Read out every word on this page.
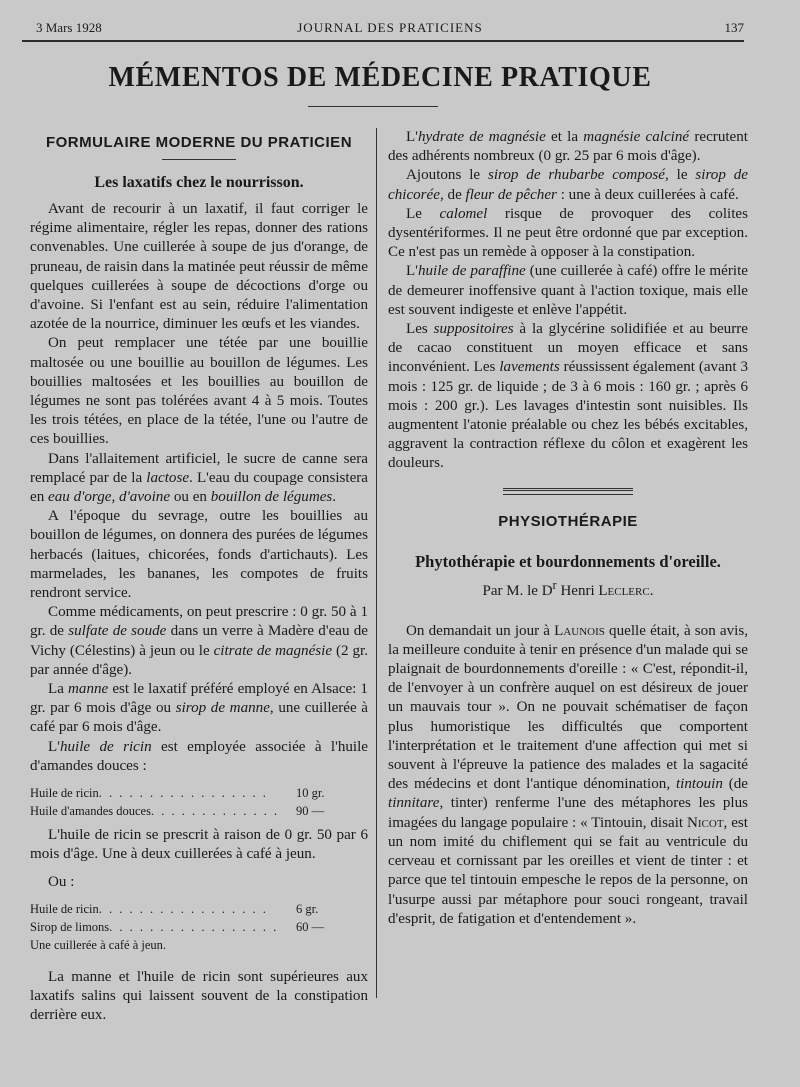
3 Mars 1928	JOURNAL DES PRATICIENS	137
MÉMENTOS DE MÉDECINE PRATIQUE
FORMULAIRE MODERNE DU PRATICIEN
Les laxatifs chez le nourrisson.

Avant de recourir à un laxatif, il faut corriger le régime alimentaire, régler les repas, donner des rations convenables. Une cuillerée à soupe de jus d'orange, de pruneau, de raisin dans la matinée peut réussir de même quelques cuillerées à soupe de décoctions d'orge ou d'avoine. Si l'enfant est au sein, réduire l'alimentation azotée de la nourrice, diminuer les œufs et les viandes.

On peut remplacer une tétée par une bouillie maltosée ou une bouillie au bouillon de légumes. Les bouillies maltosées et les bouillies au bouillon de légumes ne sont pas tolérées avant 4 à 5 mois. Toutes les trois tétées, en place de la tétée, l'une ou l'autre de ces bouillies.

Dans l'allaitement artificiel, le sucre de canne sera remplacé par de la lactose. L'eau du coupage consistera en eau d'orge, d'avoine ou en bouillon de légumes.

A l'époque du sevrage, outre les bouillies au bouillon de légumes, on donnera des purées de légumes herbacés (laitues, chicorées, fonds d'artichauts). Les marmelades, les bananes, les compotes de fruits rendront service.

Comme médicaments, on peut prescrire : 0 gr. 50 à 1 gr. de sulfate de soude dans un verre à Madère d'eau de Vichy (Célestins) à jeun ou le citrate de magnésie (2 gr. par année d'âge).

La manne est le laxatif préféré employé en Alsace: 1 gr. par 6 mois d'âge ou sirop de manne, une cuillerée à café par 6 mois d'âge.

L'huile de ricin est employée associée à l'huile d'amandes douces :

Huile de ricin . . . . . . . . . . . . . . . . .	10 gr.
Huile d'amandes douces . . . . . . . . . . . . .	90 —

L'huile de ricin se prescrit à raison de 0 gr. 50 par 6 mois d'âge. Une à deux cuillerées à café à jeun.

Ou :

Huile de ricin . . . . . . . . . . . . . . . . .	6 gr.
Sirop de limons . . . . . . . . . . . . . . . . .	60 —
Une cuillerée à café à jeun.

La manne et l'huile de ricin sont supérieures aux laxatifs salins qui laissent souvent de la constipation derrière eux.

L'hydrate de magnésie et la magnésie calciné recrutent des adhérents nombreux (0 gr. 25 par 6 mois d'âge).

Ajoutons le sirop de rhubarbe composé, le sirop de chicorée, de fleur de pêcher : une à deux cuillerées à café.

Le calomel risque de provoquer des colites dysentériformes. Il ne peut être ordonné que par exception. Ce n'est pas un remède à opposer à la constipation.

L'huile de paraffine (une cuillerée à café) offre le mérite de demeurer inoffensive quant à l'action toxique, mais elle est souvent indigeste et enlève l'appétit.

Les suppositoires à la glycérine solidifiée et au beurre de cacao constituent un moyen efficace et sans inconvénient. Les lavements réussissent également (avant 3 mois : 125 gr. de liquide ; de 3 à 6 mois : 160 gr. ; après 6 mois : 200 gr.). Les lavages d'intestin sont nuisibles. Ils augmentent l'atonie préalable ou chez les bébés excitables, aggravent la contraction réflexe du côlon et exagèrent les douleurs.

PHYSIOTHÉRAPIE
Phytothérapie et bourdonnements d'oreille.
Par M. le $D^r$ Henri Leclerc.

On demandait un jour à Launois quelle était, à son avis, la meilleure conduite à tenir en présence d'un malade qui se plaignait de bourdonnements d'oreille : « C'est, répondit-il, de l'envoyer à un confrère auquel on est désireux de jouer un mauvais tour ». On ne pouvait schématiser de façon plus humoristique les difficultés que comportent l'interprétation et le traitement d'une affection qui met si souvent à l'épreuve la patience des malades et la sagacité des médecins et dont l'antique dénomination, tintouin (de tinnitare, tinter) renferme l'une des métaphores les plus imagées du langage populaire : « Tintouin, disait Nicot, est un nom imité du chiflement qui se fait au ventricule du cerveau et cornissant par les oreilles et vient de tinter : et parce que tel tintouin empesche le repos de la personne, on l'usurpe aussi par métaphore pour souci rongeant, travail d'esprit, de fatigation et d'entendement ».
